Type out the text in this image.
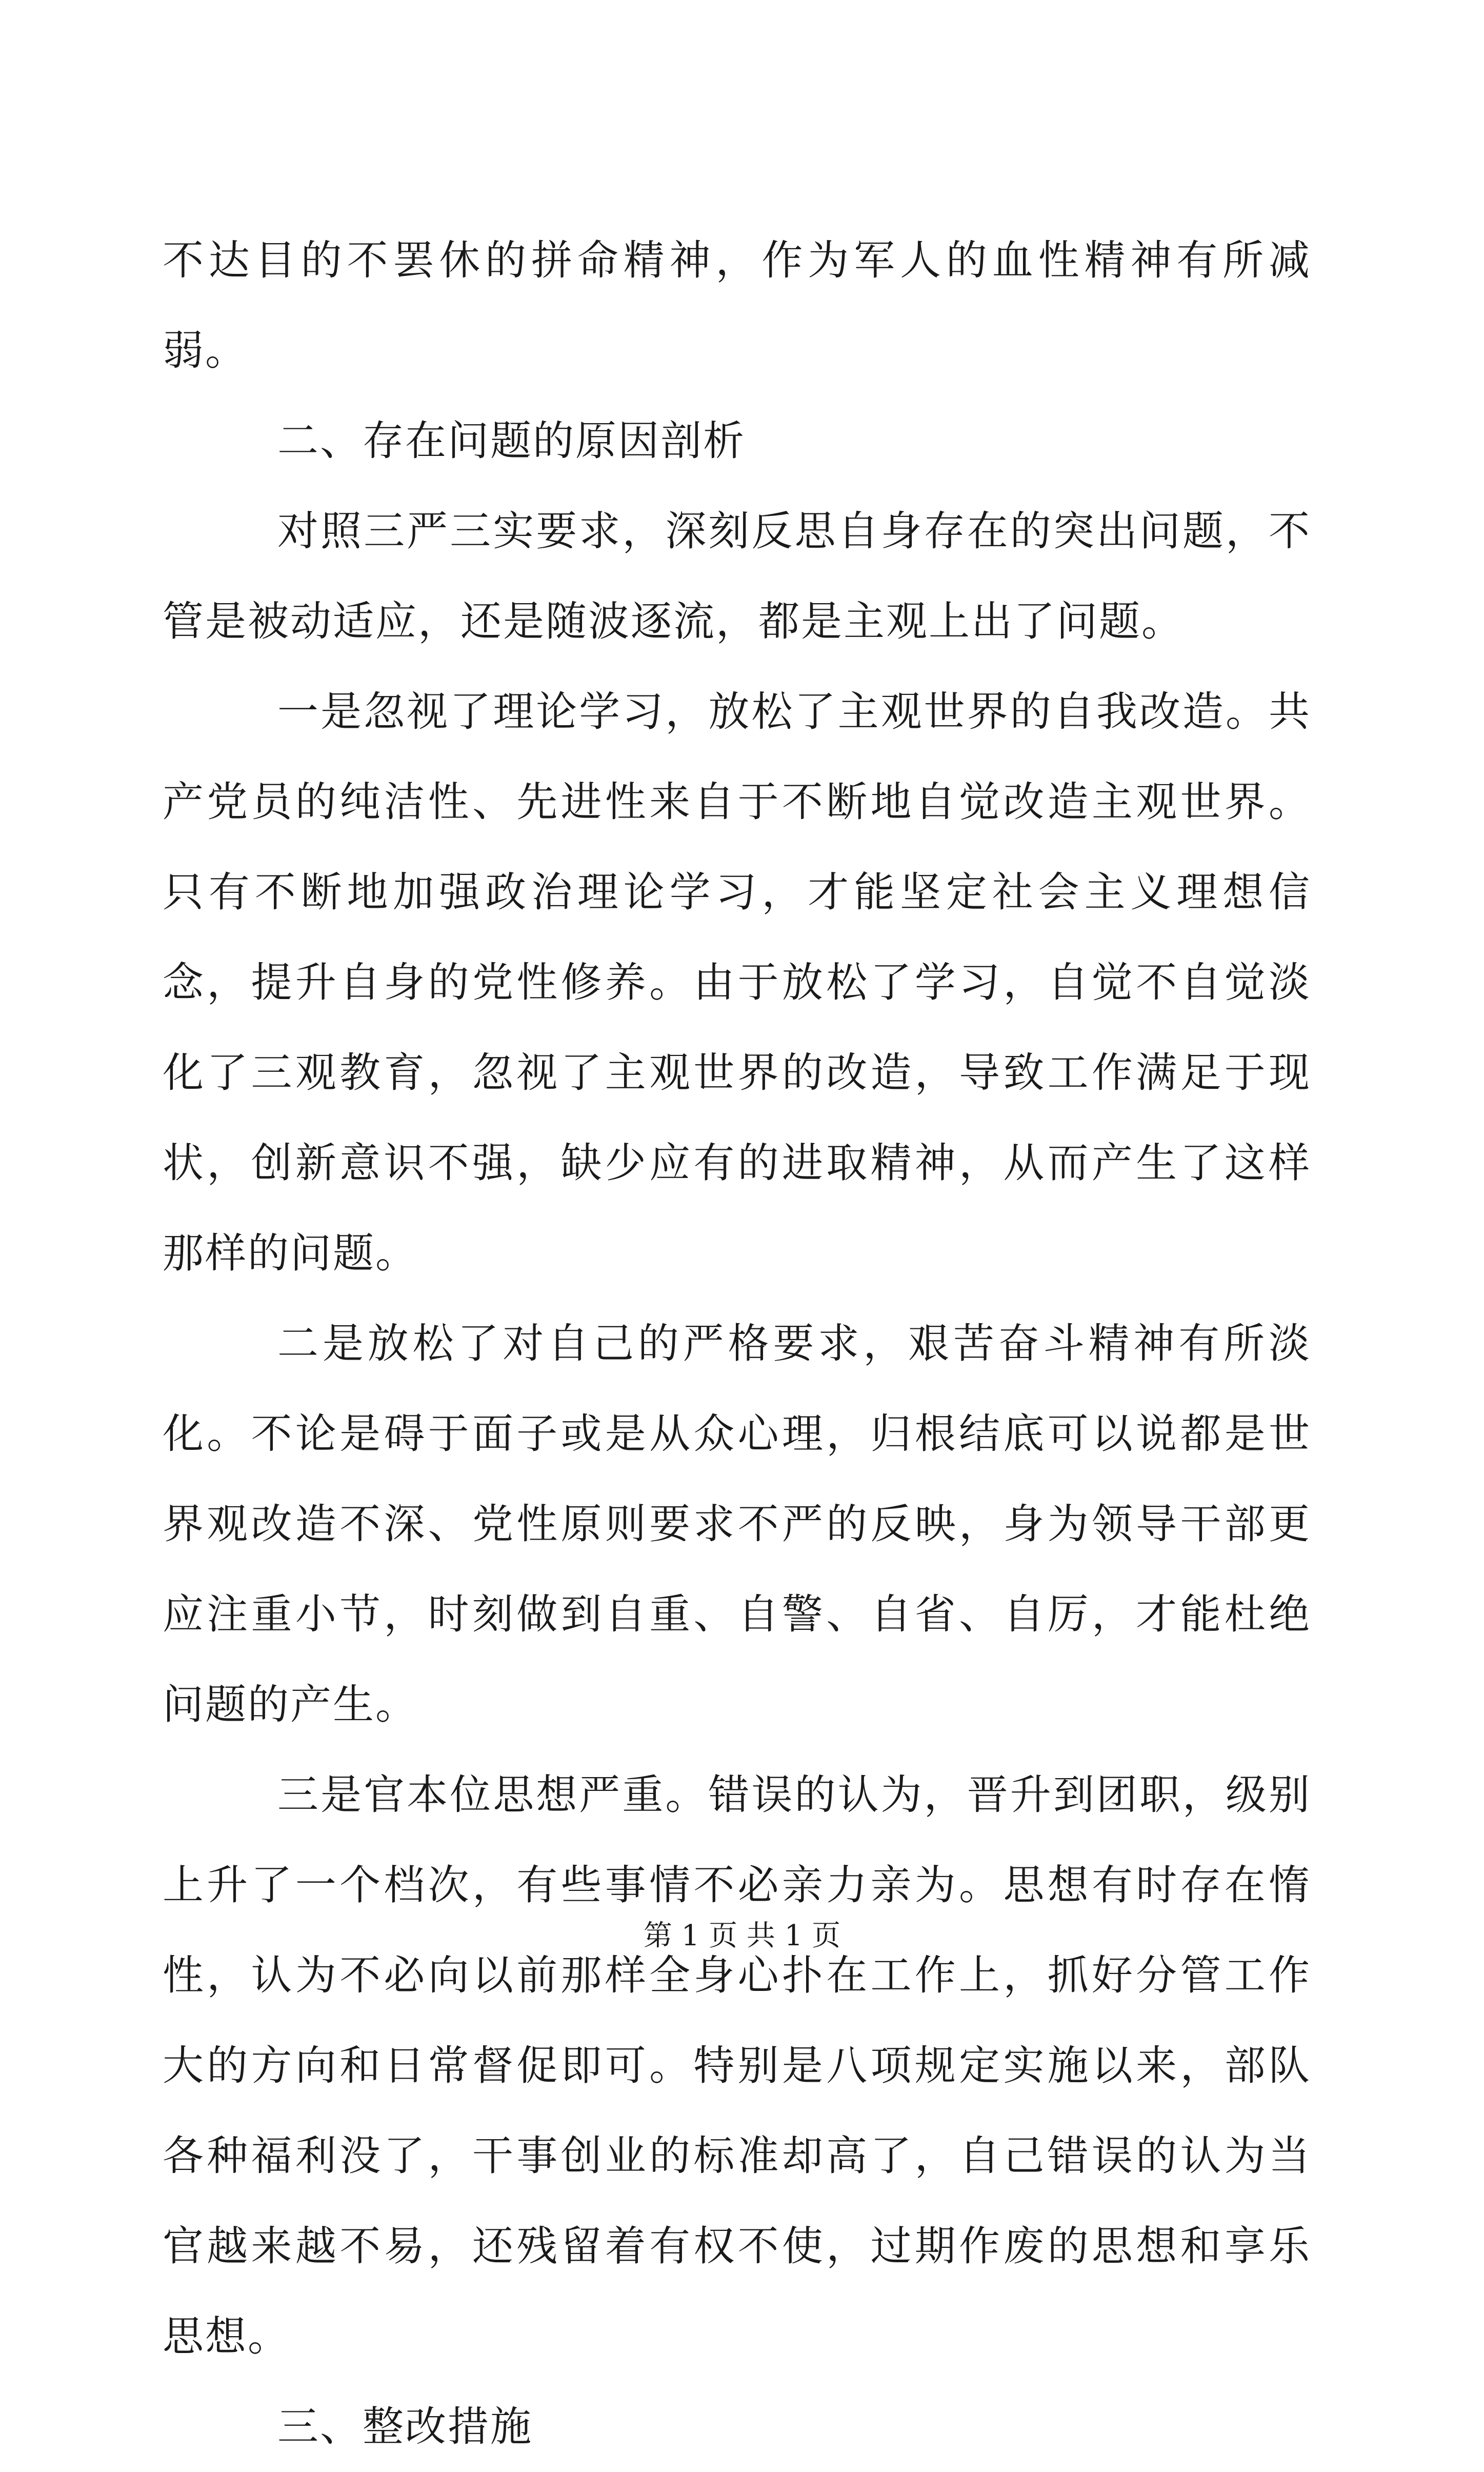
不达目的不罢休的拼命精神，作为军人的血性精神有所减弱。

二、存在问题的原因剖析

对照三严三实要求，深刻反思自身存在的突出问题，不管是被动适应，还是随波逐流，都是主观上出了问题。

一是忽视了理论学习，放松了主观世界的自我改造。共产党员的纯洁性、先进性来自于不断地自觉改造主观世界。只有不断地加强政治理论学习，才能坚定社会主义理想信念，提升自身的党性修养。由于放松了学习，自觉不自觉淡化了三观教育，忽视了主观世界的改造，导致工作满足于现状，创新意识不强，缺少应有的进取精神，从而产生了这样那样的问题。

二是放松了对自己的严格要求，艰苦奋斗精神有所淡化。不论是碍于面子或是从众心理，归根结底可以说都是世界观改造不深、党性原则要求不严的反映，身为领导干部更应注重小节，时刻做到自重、自警、自省、自厉，才能杜绝问题的产生。

三是官本位思想严重。错误的认为，晋升到团职，级别上升了一个档次，有些事情不必亲力亲为。思想有时存在惰性，认为不必向以前那样全身心扑在工作上，抓好分管工作大的方向和日常督促即可。特别是八项规定实施以来，部队各种福利没了，干事创业的标准却高了，自己错误的认为当官越来越不易，还残留着有权不使，过期作废的思想和享乐思想。

三、整改措施

第 1 页 共 1 页
